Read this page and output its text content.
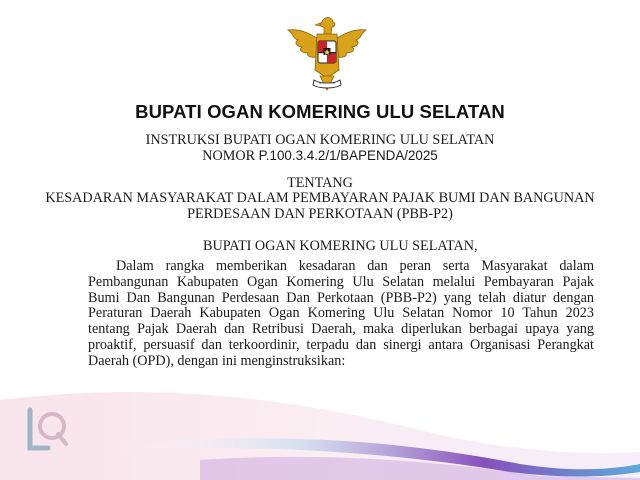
BUPATI OGAN KOMERING ULU SELATAN

INSTRUKSI BUPATI OGAN KOMERING ULU SELATAN

NOMOR P.100.3.4.2/1/BAPENDA/2025

TENTANG

KESADARAN MASYARAKAT DALAM PEMBAYARAN PAJAK BUMI DAN BANGUNAN

PERDESAAN DAN PERKOTAAN (PBB-P2)

BUPATI OGAN KOMERING ULU SELATAN,

Dalam rangka memberikan kesadaran dan peran serta Masyarakat dalam
Pembangunan Kabupaten Ogan Komering Ulu Selatan melalui Pembayaran Pajak
Bumi Dan Bangunan Perdesaan Dan Perkotaan (PBB-P2) yang telah diatur dengan
Peraturan Daerah Kabupaten Ogan Komering Ulu Selatan Nomor 10 Tahun 2023
tentang Pajak Daerah dan Retribusi Daerah, maka diperlukan berbagai upaya yang
proaktif, persuasif dan terkoordinir, terpadu dan sinergi antara Organisasi Perangkat
Daerah (OPD), dengan ini menginstruksikan:
